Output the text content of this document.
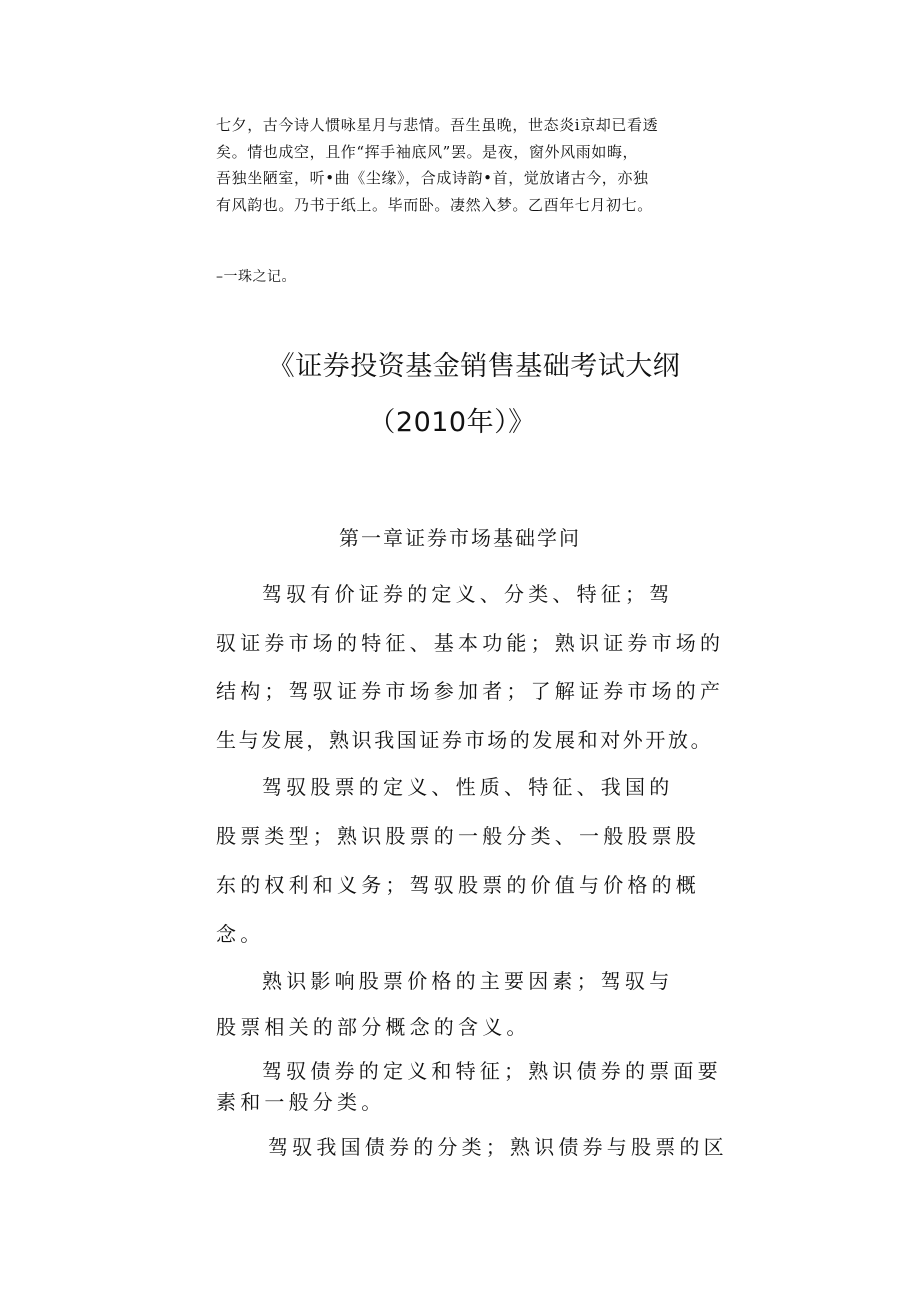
七夕，古今诗人惯咏星月与悲情。吾生虽晚，世态炎i京却已看透
矣。情也成空，且作“挥手袖底风”罢。是夜，窗外风雨如晦，
吾独坐陋室，听•曲《尘缘》，合成诗韵•首，觉放诸古今，亦独
有风韵也。乃书于纸上。毕而卧。凄然入梦。乙酉年七月初七。
–一珠之记。
《证券投资基金销售基础考试大纲
（2010年）》
第一章证券市场基础学问
驾驭有价证券的定义、分类、特征；驾
驭证券市场的特征、基本功能；熟识证券市场的
结构；驾驭证券市场参加者；了解证券市场的产
生与发展，熟识我国证券市场的发展和对外开放。
驾驭股票的定义、性质、特征、我国的
股票类型；熟识股票的一般分类、一般股票股
东的权利和义务；驾驭股票的价值与价格的概
念。
熟识影响股票价格的主要因素；驾驭与
股票相关的部分概念的含义。
驾驭债券的定义和特征；熟识债券的票面要
素和一般分类。
驾驭我国债券的分类；熟识债券与股票的区
